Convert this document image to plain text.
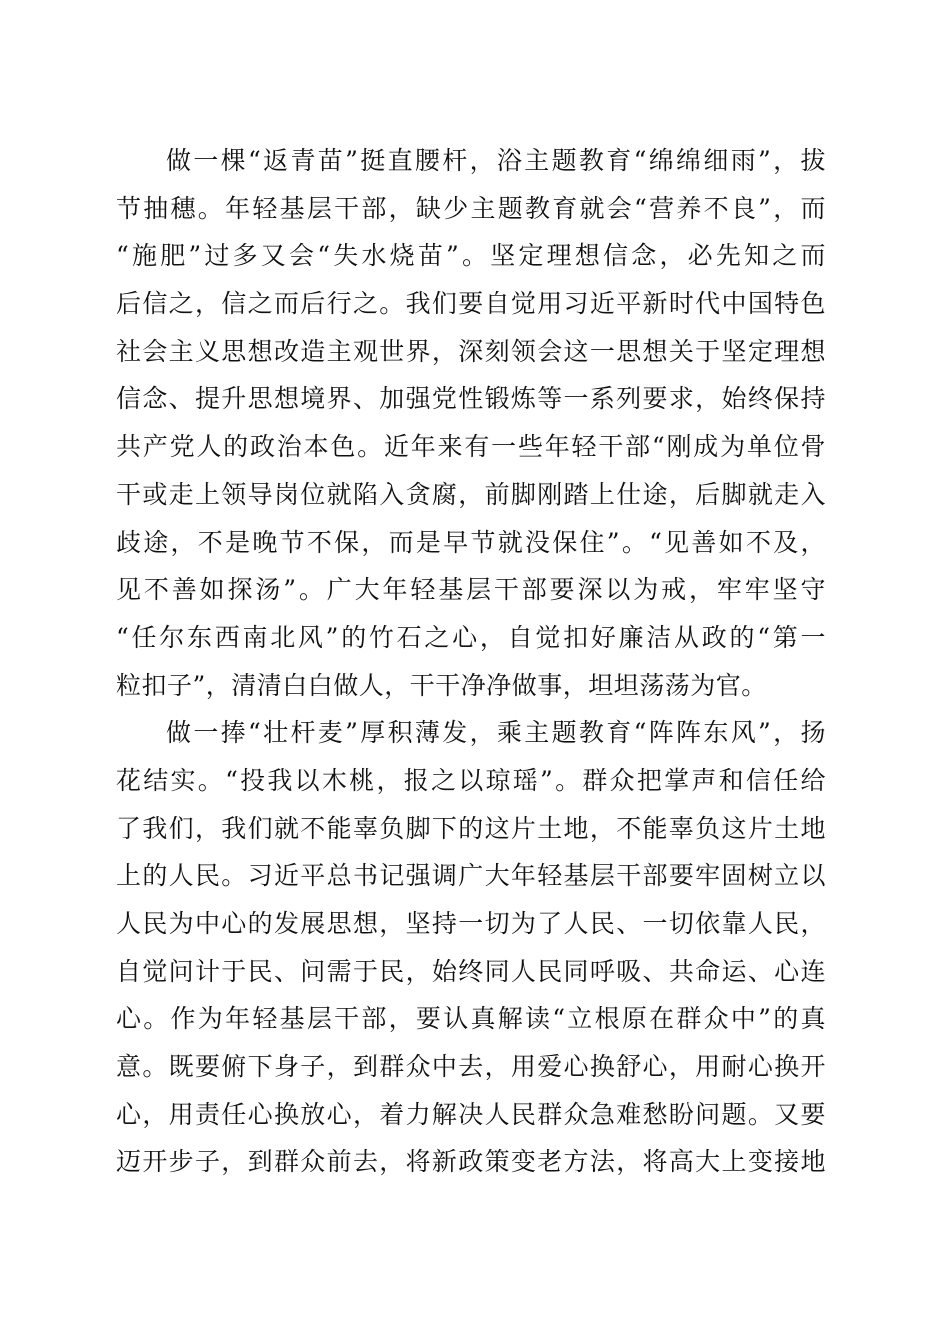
做一棵“返青苗”挺直腰杆，浴主题教育“绵绵细雨”，拔
节抽穗。年轻基层干部，缺少主题教育就会“营养不良”，而
“施肥”过多又会“失水烧苗”。坚定理想信念，必先知之而
后信之，信之而后行之。我们要自觉用习近平新时代中国特色
社会主义思想改造主观世界，深刻领会这一思想关于坚定理想
信念、提升思想境界、加强党性锻炼等一系列要求，始终保持
共产党人的政治本色。近年来有一些年轻干部“刚成为单位骨
干或走上领导岗位就陷入贪腐，前脚刚踏上仕途，后脚就走入
歧途，不是晚节不保，而是早节就没保住”。“见善如不及，
见不善如探汤”。广大年轻基层干部要深以为戒，牢牢坚守
“任尔东西南北风”的竹石之心，自觉扣好廉洁从政的“第一
粒扣子”，清清白白做人，干干净净做事，坦坦荡荡为官。
做一捧“壮杆麦”厚积薄发，乘主题教育“阵阵东风”，扬
花结实。“投我以木桃，报之以琼瑶”。群众把掌声和信任给
了我们，我们就不能辜负脚下的这片土地，不能辜负这片土地
上的人民。习近平总书记强调广大年轻基层干部要牢固树立以
人民为中心的发展思想，坚持一切为了人民、一切依靠人民，
自觉问计于民、问需于民，始终同人民同呼吸、共命运、心连
心。作为年轻基层干部，要认真解读“立根原在群众中”的真
意。既要俯下身子，到群众中去，用爱心换舒心，用耐心换开
心，用责任心换放心，着力解决人民群众急难愁盼问题。又要
迈开步子，到群众前去，将新政策变老方法，将高大上变接地
